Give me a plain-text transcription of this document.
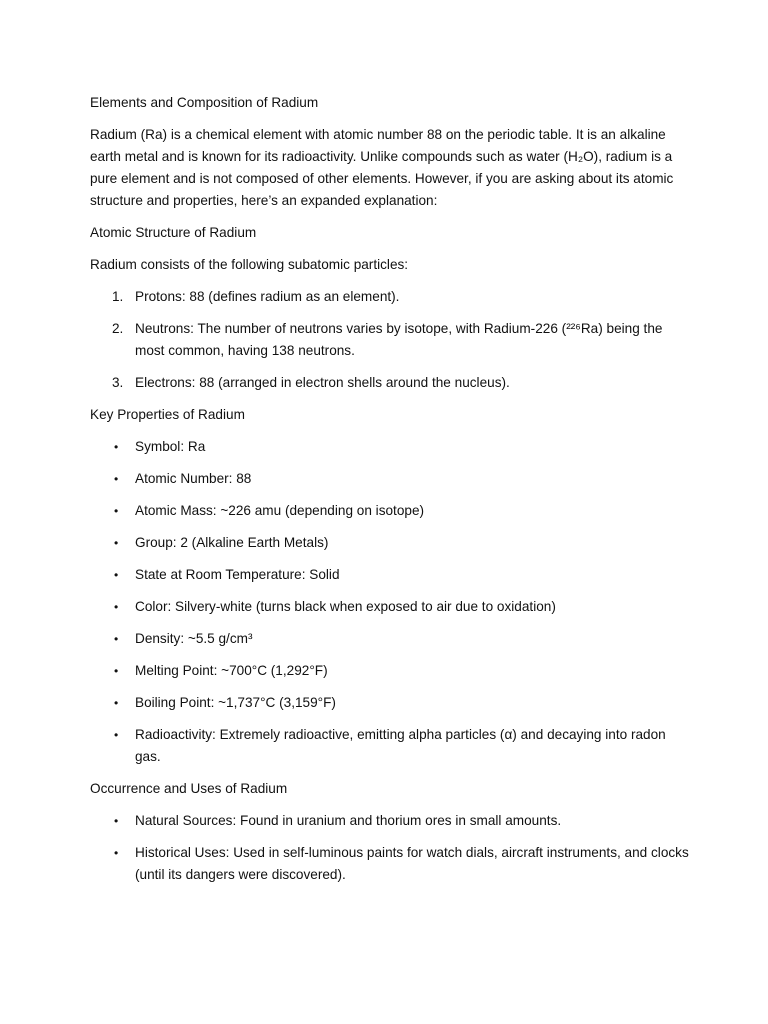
Elements and Composition of Radium

Radium (Ra) is a chemical element with atomic number 88 on the periodic table. It is an alkaline earth metal and is known for its radioactivity. Unlike compounds such as water (H₂O), radium is a pure element and is not composed of other elements. However, if you are asking about its atomic structure and properties, here’s an expanded explanation:

Atomic Structure of Radium

Radium consists of the following subatomic particles:

1. Protons: 88 (defines radium as an element).
2. Neutrons: The number of neutrons varies by isotope, with Radium-226 (²²⁶Ra) being the most common, having 138 neutrons.
3. Electrons: 88 (arranged in electron shells around the nucleus).
Key Properties of Radium
• Symbol: Ra
• Atomic Number: 88
• Atomic Mass: ~226 amu (depending on isotope)
• Group: 2 (Alkaline Earth Metals)
• State at Room Temperature: Solid
• Color: Silvery-white (turns black when exposed to air due to oxidation)
• Density: ~5.5 g/cm³
• Melting Point: ~700°C (1,292°F)
• Boiling Point: ~1,737°C (3,159°F)
• Radioactivity: Extremely radioactive, emitting alpha particles (α) and decaying into radon gas.
Occurrence and Uses of Radium
• Natural Sources: Found in uranium and thorium ores in small amounts.
• Historical Uses: Used in self-luminous paints for watch dials, aircraft instruments, and clocks (until its dangers were discovered).
